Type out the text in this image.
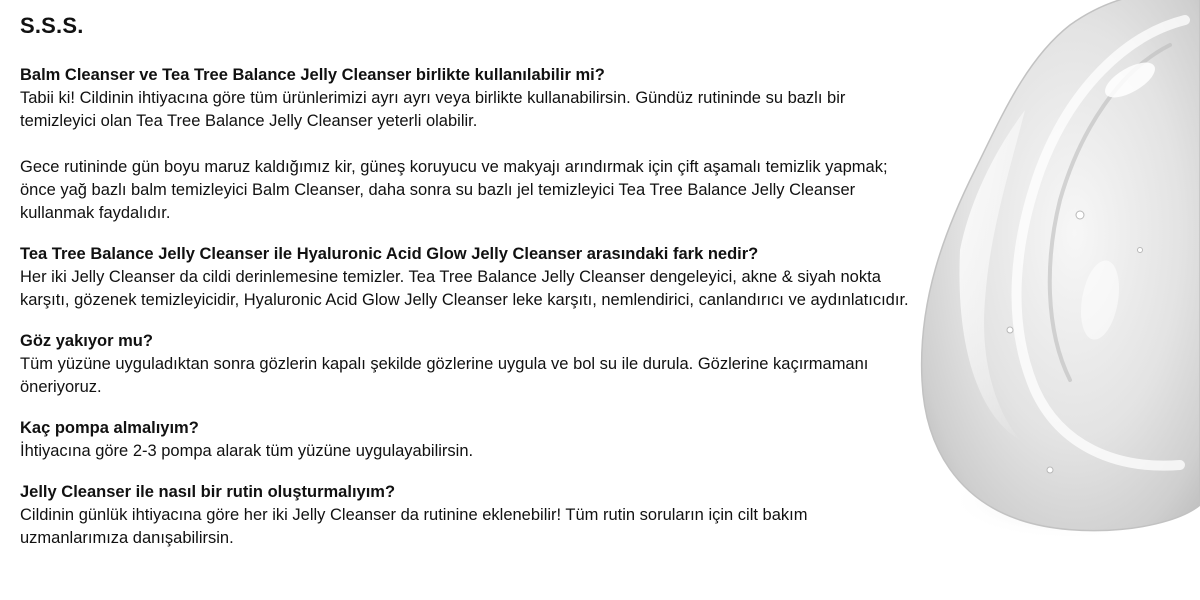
S.S.S.
Balm Cleanser ve Tea Tree Balance Jelly Cleanser birlikte kullanılabilir mi?

Tabii ki! Cildinin ihtiyacına göre tüm ürünlerimizi ayrı ayrı veya birlikte kullanabilirsin. Gündüz rutininde su bazlı bir temizleyici olan Tea Tree Balance Jelly Cleanser yeterli olabilir.

Gece rutininde gün boyu maruz kaldığımız kir, güneş koruyucu ve makyajı arındırmak için çift aşamalı temizlik yapmak; önce yağ bazlı balm temizleyici Balm Cleanser, daha sonra su bazlı jel temizleyici Tea Tree Balance Jelly Cleanser kullanmak faydalıdır.

Tea Tree Balance Jelly Cleanser ile Hyaluronic Acid Glow Jelly Cleanser arasındaki fark nedir?

Her iki Jelly Cleanser da cildi derinlemesine temizler. Tea Tree Balance Jelly Cleanser dengeleyici, akne & siyah nokta karşıtı, gözenek temizleyicidir, Hyaluronic Acid Glow Jelly Cleanser leke karşıtı, nemlendirici, canlandırıcı ve aydınlatıcıdır.

Göz yakıyor mu?

Tüm yüzüne uyguladıktan sonra gözlerin kapalı şekilde gözlerine uygula ve bol su ile durula. Gözlerine kaçırmamanı öneriyoruz.

Kaç pompa almalıyım?

İhtiyacına göre 2-3 pompa alarak tüm yüzüne uygulayabilirsin.

Jelly Cleanser ile nasıl bir rutin oluşturmalıyım?

Cildinin günlük ihtiyacına göre her iki Jelly Cleanser da rutinine eklenebilir! Tüm rutin soruların için cilt bakım uzmanlarımıza danışabilirsin.
